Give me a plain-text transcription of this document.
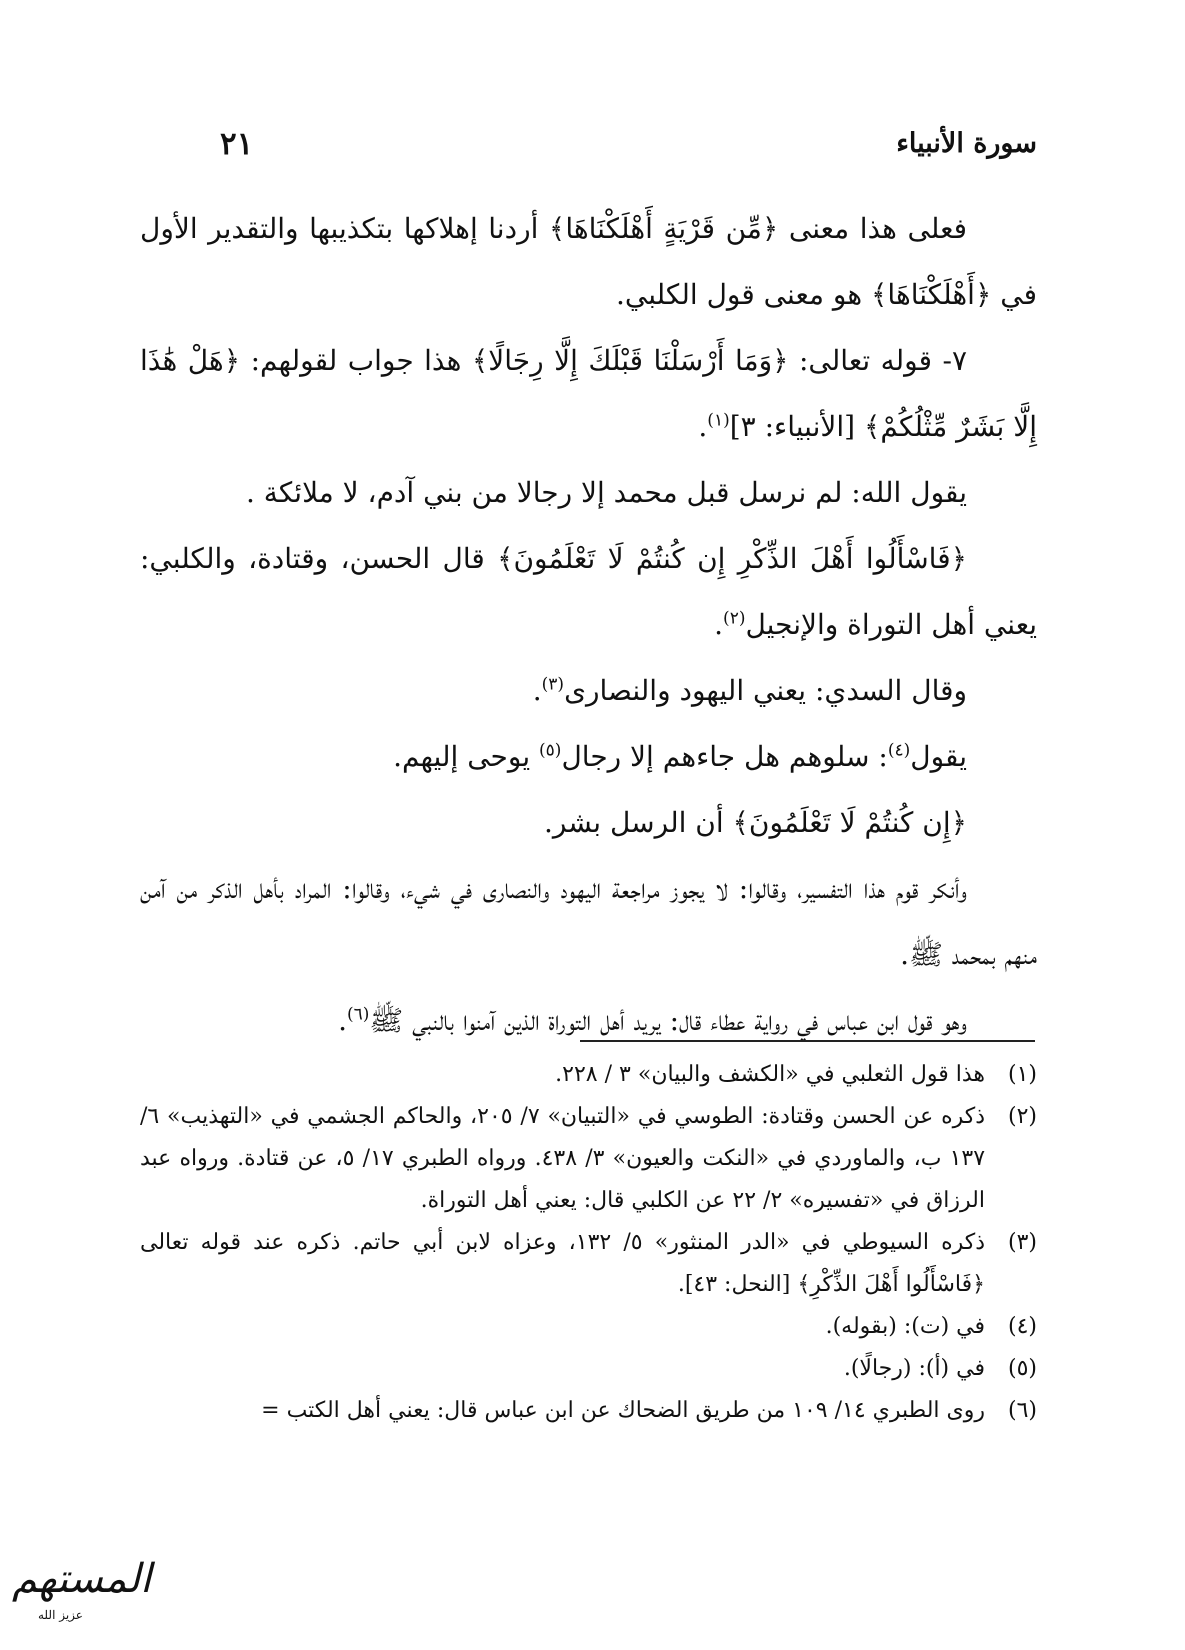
سورة الأنبياء
٢١

فعلى هذا معنى ﴿مِّن قَرْيَةٍ أَهْلَكْنَاهَا﴾ أردنا إهلاكها بتكذيبها والتقدير الأول في ﴿أَهْلَكْنَاهَا﴾ هو معنى قول الكلبي.

٧- قوله تعالى: ﴿وَمَا أَرْسَلْنَا قَبْلَكَ إِلَّا رِجَالًا﴾ هذا جواب لقولهم: ﴿هَلْ هَٰذَا إِلَّا بَشَرٌ مِّثْلُكُمْ﴾ [الأنبياء: ٣]$^{(١)}$.

يقول الله: لم نرسل قبل محمد إلا رجالا من بني آدم، لا ملائكة .

﴿فَاسْأَلُوا أَهْلَ الذِّكْرِ إِن كُنتُمْ لَا تَعْلَمُونَ﴾ قال الحسن، وقتادة، والكلبي: يعني أهل التوراة والإنجيل$^{(٢)}$.

وقال السدي: يعني اليهود والنصارى$^{(٣)}$.

يقول$^{(٤)}$: سلوهم هل جاءهم إلا رجال$^{(٥)}$ يوحى إليهم.

﴿إِن كُنتُمْ لَا تَعْلَمُونَ﴾ أن الرسل بشر.

وأنكر قوم هذا التفسير، وقالوا: لا يجوز مراجعة اليهود والنصارى في شيء، وقالوا: المراد بأهل الذكر من آمن منهم بمحمد ﷺ.

وهو قول ابن عباس في رواية عطاء قال: يريد أهل التوراة الذين آمنوا بالنبي ﷺ$^{(٦)}$.

(١)
هذا قول الثعلبي في «الكشف والبيان» ٣ / ٢٢٨.
(٢)
ذكره عن الحسن وقتادة: الطوسي في «التبيان» ٧/ ٢٠٥، والحاكم الجشمي في «التهذيب» ٦/ ١٣٧ ب، والماوردي في «النكت والعيون» ٣/ ٤٣٨. ورواه الطبري ١٧/ ٥، عن قتادة. ورواه عبد الرزاق في «تفسيره» ٢/ ٢٢ عن الكلبي قال: يعني أهل التوراة.
(٣)
ذكره السيوطي في «الدر المنثور» ٥/ ١٣٢، وعزاه لابن أبي حاتم. ذكره عند قوله تعالى ﴿فَاسْأَلُوا أَهْلَ الذِّكْرِ﴾ [النحل: ٤٣].
(٤)
في (ت): (بقوله).
(٥)
في (أ): (رجالًا).
(٦)
روى الطبري ١٤/ ١٠٩ من طريق الضحاك عن ابن عباس قال: يعني أهل الكتب =
المستهم
عزيز الله
